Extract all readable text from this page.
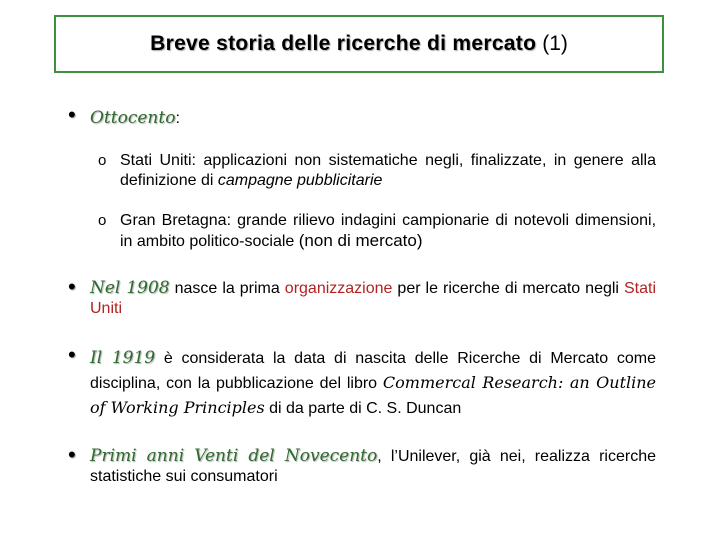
Breve storia delle ricerche di mercato (1)
• Ottocento:
o Stati Uniti: applicazioni non sistematiche negli, finalizzate, in genere alla definizione di campagne pubblicitarie
o Gran Bretagna: grande rilievo indagini campionarie di notevoli dimensioni, in ambito politico-sociale (non di mercato)
• Nel 1908 nasce la prima organizzazione per le ricerche di mercato negli Stati Uniti
• Il 1919 è considerata la data di nascita delle Ricerche di Mercato come disciplina, con la pubblicazione del libro Commercal Research: an Outline of Working Principles di da parte di C. S. Duncan
• Primi anni Venti del Novecento, l’Unilever, già nei, realizza ricerche statistiche sui consumatori
